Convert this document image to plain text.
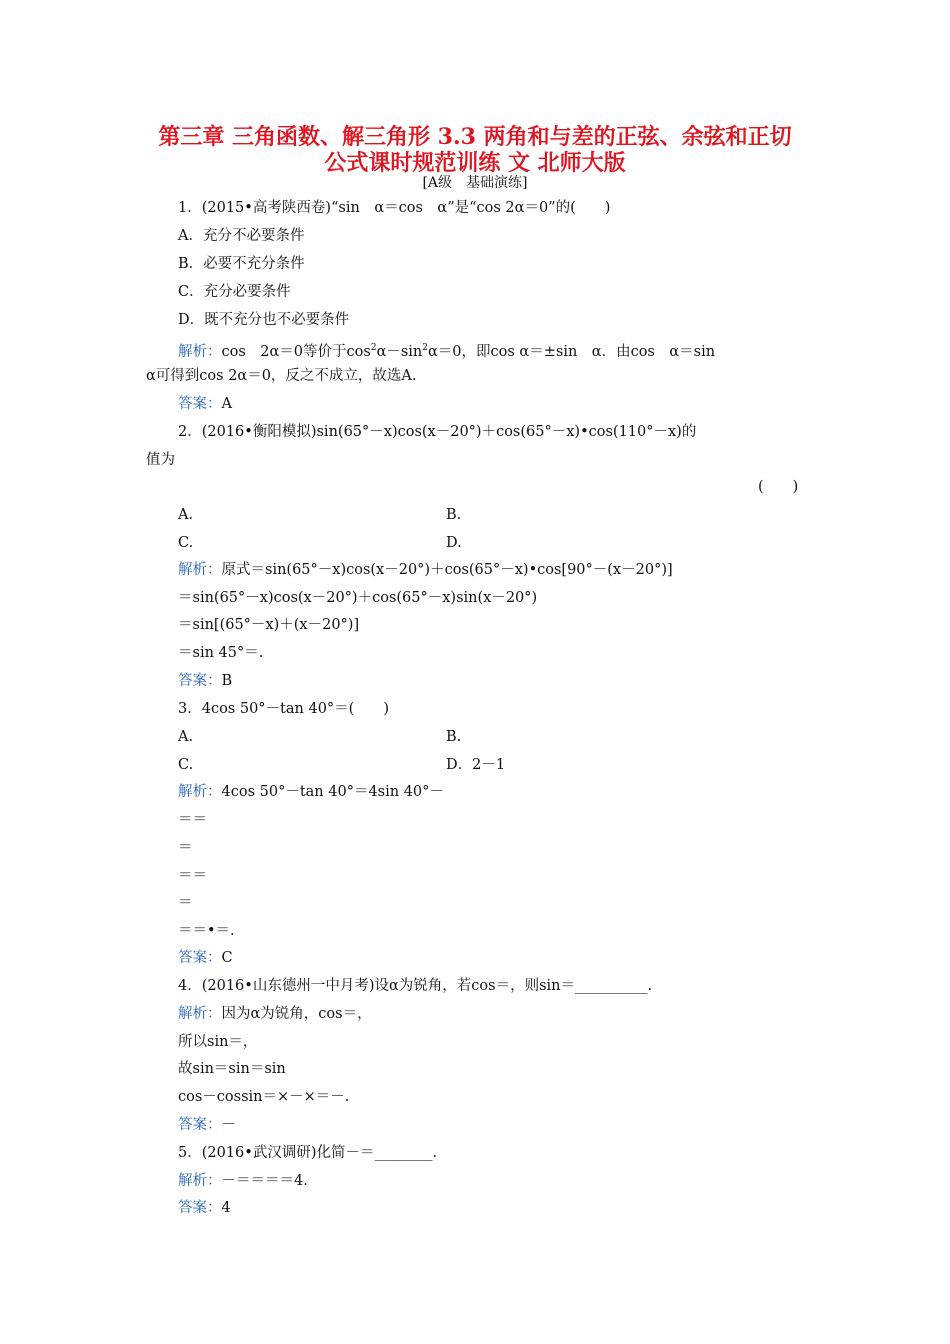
第三章 三角函数、解三角形 3.3 两角和与差的正弦、余弦和正切
公式课时规范训练 文 北师大版
[A级　基础演练]
1．(2015•高考陕西卷)“sin　α＝cos　α”是“cos 2α＝0”的(　　)
A．充分不必要条件
B．必要不充分条件
C．充分必要条件
D．既不充分也不必要条件
解析：cos　2α＝0等价于$\cos^2\alpha-\sin^2\alpha=0$，即cos α＝±sin　α．由cos　α＝sin
α可得到cos 2α＝0，反之不成立，故选A.
答案：A
2．(2016•衡阳模拟)sin(65°－x)cos(x－20°)＋cos(65°－x)•cos(110°－x)的
值为
(　　)
A.	B.
C.	D.
解析：原式＝sin(65°－x)cos(x－20°)＋cos(65°－x)•cos[90°－(x－20°)]
＝sin(65°－x)cos(x－20°)＋cos(65°－x)sin(x－20°)
＝sin[(65°－x)＋(x－20°)]
＝sin 45°＝.
答案：B
3．4cos 50°－tan 40°＝(　　)
A.	B.
C.	D．2－1
解析：4cos 50°－tan 40°＝4sin 40°－
＝＝
＝
＝＝
＝
＝＝•＝.
答案：C
4．(2016•山东德州一中月考)设α为锐角，若cos＝，则sin＝__________.
解析：因为α为锐角，cos＝，
所以sin＝，
故sin＝sin＝sin
cos－cossin＝×－×＝－.
答案：－
5．(2016•武汉调研)化简－＝________.
解析：－＝＝＝＝4.
答案：4
